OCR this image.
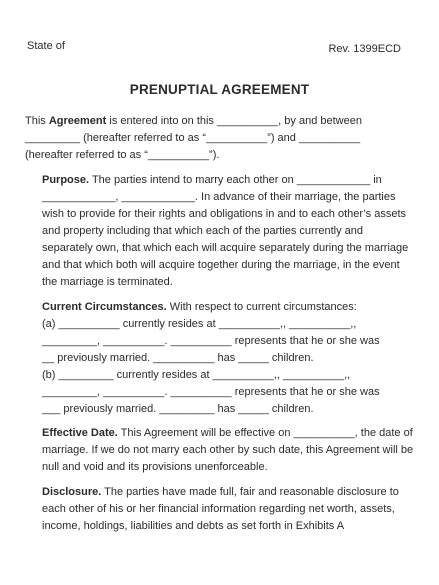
State of	Rev. 1399ECD
PRENUPTIAL AGREEMENT

This Agreement is entered into on this __________, by and between _________ (hereafter referred to as “__________”) and __________ (hereafter referred to as “__________”).

Purpose. The parties intend to marry each other on ____________ in ____________, ____________. In advance of their marriage, the parties wish to provide for their rights and obligations in and to each other’s assets and property including that which each of the parties currently and separately own, that which each will acquire separately during the marriage and that which both will acquire together during the marriage, in the event the marriage is terminated.

Current Circumstances. With respect to current circumstances:
(a) __________ currently resides at __________,, __________,,
_________, __________. __________ represents that he or she was
__ previously married. __________ has _____ children.
(b) _________ currently resides at __________,, __________,,
_________, __________. __________ represents that he or she was
___ previously married. _________ has _____ children.

Effective Date. This Agreement will be effective on __________, the date of marriage. If we do not marry each other by such date, this Agreement will be null and void and its provisions unenforceable.

Disclosure. The parties have made full, fair and reasonable disclosure to each other of his or her financial information regarding net worth, assets, income, holdings, liabilities and debts as set forth in Exhibits A
